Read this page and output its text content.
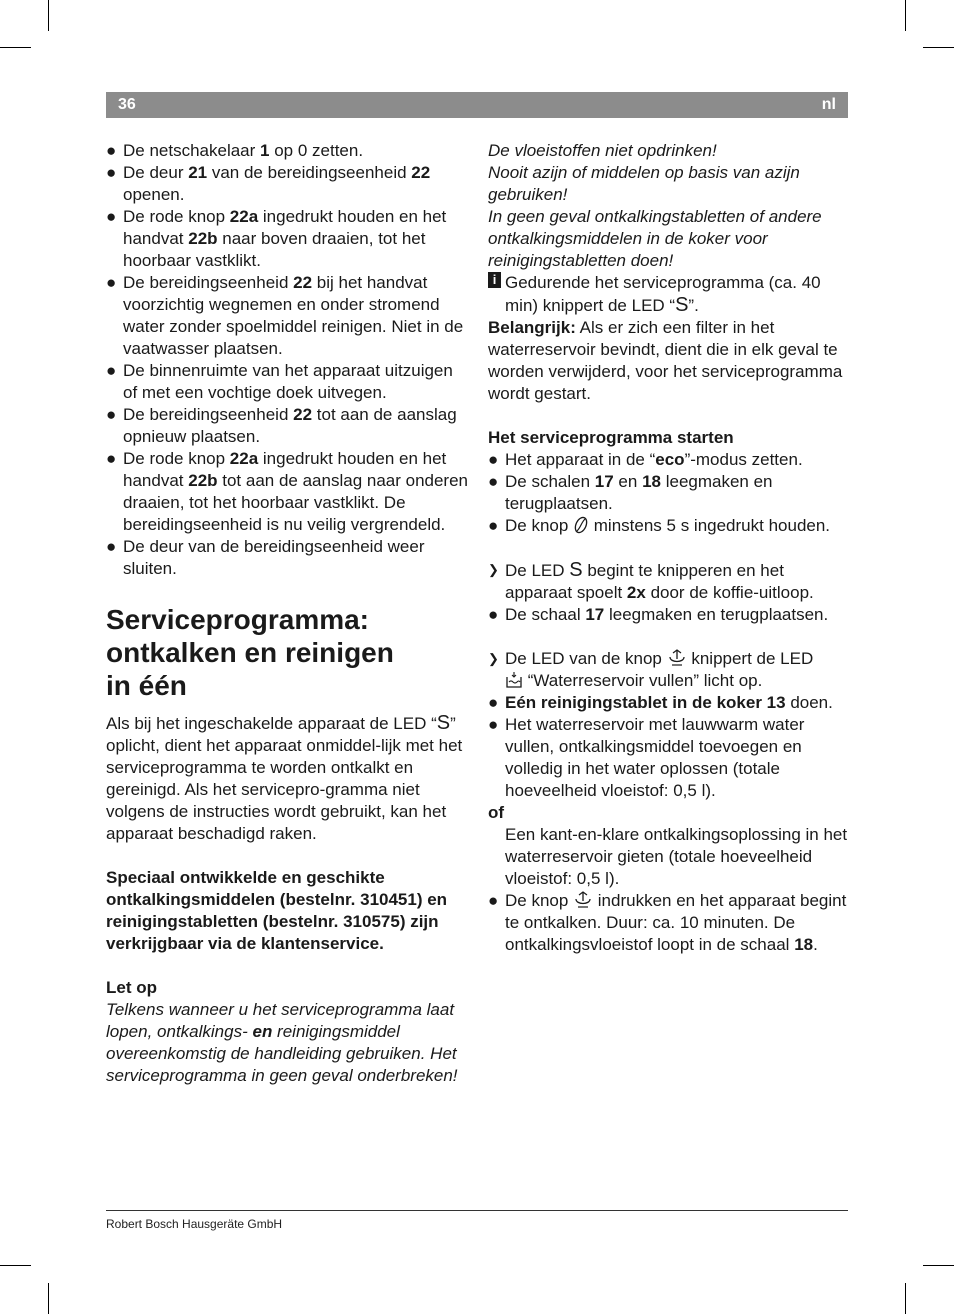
36	nl
● De netschakelaar 1 op 0 zetten.
● De deur 21 van de bereidingseenheid 22 openen.
● De rode knop 22a ingedrukt houden en het handvat 22b naar boven draaien, tot het hoorbaar vastklikt.
● De bereidingseenheid 22 bij het handvat voorzichtig wegnemen en onder stromend water zonder spoelmiddel reinigen. Niet in de vaatwasser plaatsen.
● De binnenruimte van het apparaat uitzuigen of met een vochtige doek uitvegen.
● De bereidingseenheid 22 tot aan de aanslag opnieuw plaatsen.
● De rode knop 22a ingedrukt houden en het handvat 22b tot aan de aanslag naar onderen draaien, tot het hoorbaar vastklikt. De bereidingseenheid is nu veilig vergrendeld.
● De deur van de bereidingseenheid weer sluiten.
Serviceprogramma:
ontkalken en reinigen
in één
Als bij het ingeschakelde apparaat de LED “S” oplicht, dient het apparaat onmiddel-lijk met het serviceprogramma te worden ontkalkt en gereinigd. Als het servicepro-gramma niet volgens de instructies wordt gebruikt, kan het apparaat beschadigd raken.
Speciaal ontwikkelde en geschikte ontkalkingsmiddelen (bestelnr. 310451) en reinigingstabletten (bestelnr. 310575) zijn verkrijgbaar via de klantenservice.
Let op
Telkens wanneer u het serviceprogramma laat lopen, ontkalkings- en reinigingsmiddel overeenkomstig de handleiding gebruiken. Het serviceprogramma in geen geval onderbreken!
De vloeistoffen niet opdrinken!
Nooit azijn of middelen op basis van azijn gebruiken!
In geen geval ontkalkingstabletten of andere ontkalkingsmiddelen in de koker voor reinigingstabletten doen!
i Gedurende het serviceprogramma (ca. 40 min) knippert de LED “S”.
Belangrijk: Als er zich een filter in het waterreservoir bevindt, dient die in elk geval te worden verwijderd, voor het serviceprogramma wordt gestart.
Het serviceprogramma starten
● Het apparaat in de “eco”-modus zetten.
● De schalen 17 en 18 leegmaken en terugplaatsen.
● De knop  minstens 5 s ingedrukt houden.
❯ De LED S begint te knipperen en het apparaat spoelt 2x door de koffie-uitloop.
● De schaal 17 leegmaken en terugplaatsen.
❯ De LED van de knop  knippert de LED
“Waterreservoir vullen” licht op.
● Eén reinigingstablet in de koker 13 doen.
● Het waterreservoir met lauwwarm water vullen, ontkalkingsmiddel toevoegen en volledig in het water oplossen (totale hoeveelheid vloeistof: 0,5 l).
of
Een kant-en-klare ontkalkingsoplossing in het waterreservoir gieten (totale hoeveelheid vloeistof: 0,5 l).
● De knop  indrukken en het apparaat begint te ontkalken. Duur: ca. 10 minuten. De ontkalkingsvloeistof loopt in de schaal 18.
Robert Bosch Hausgeräte GmbH
